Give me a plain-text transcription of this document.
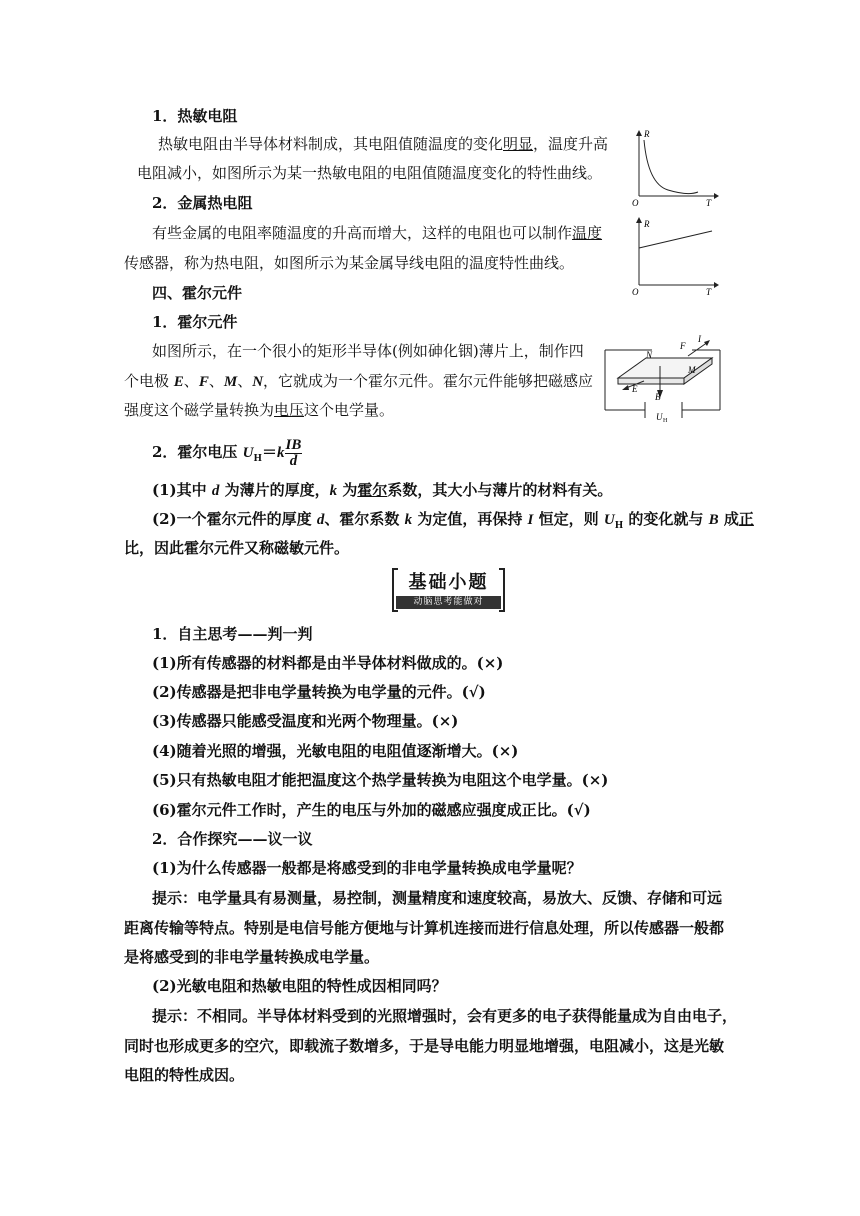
1．热敏电阻
热敏电阻由半导体材料制成，其电阻值随温度的变化明显，温度升高
电阻减小，如图所示为某一热敏电阻的电阻值随温度变化的特性曲线。
2．金属热电阻
有些金属的电阻率随温度的升高而增大，这样的电阻也可以制作温度
传感器，称为热电阻，如图所示为某金属导线电阻的温度特性曲线。
R
T
O
R
T
O
四、霍尔元件
1．霍尔元件
如图所示，在一个很小的矩形半导体(例如砷化铟)薄片上，制作四
个电极 E、F、M、N，它就成为一个霍尔元件。霍尔元件能够把磁感应
强度这个磁学量转换为电压这个电学量。
I
F
N
M
E
B
U H
2．霍尔电压 $U_H=k \frac{IB}{d}$
(1)其中 d 为薄片的厚度，k 为霍尔系数，其大小与薄片的材料有关。
(2)一个霍尔元件的厚度 d、霍尔系数 k 为定值，再保持 I 恒定，则 $U_H$ 的变化就与 B 成正
比，因此霍尔元件又称磁敏元件。
基础小题
动脑思考能做对
1．自主思考——判一判
(1)所有传感器的材料都是由半导体材料做成的。(×)
(2)传感器是把非电学量转换为电学量的元件。(√)
(3)传感器只能感受温度和光两个物理量。(×)
(4)随着光照的增强，光敏电阻的电阻值逐渐增大。(×)
(5)只有热敏电阻才能把温度这个热学量转换为电阻这个电学量。(×)
(6)霍尔元件工作时，产生的电压与外加的磁感应强度成正比。(√)
2．合作探究——议一议
(1)为什么传感器一般都是将感受到的非电学量转换成电学量呢？
提示：电学量具有易测量，易控制，测量精度和速度较高，易放大、反馈、存储和可远
距离传输等特点。特别是电信号能方便地与计算机连接而进行信息处理，所以传感器一般都
是将感受到的非电学量转换成电学量。
(2)光敏电阻和热敏电阻的特性成因相同吗？
提示：不相同。半导体材料受到的光照增强时，会有更多的电子获得能量成为自由电子，
同时也形成更多的空穴，即载流子数增多，于是导电能力明显地增强，电阻减小，这是光敏
电阻的特性成因。
